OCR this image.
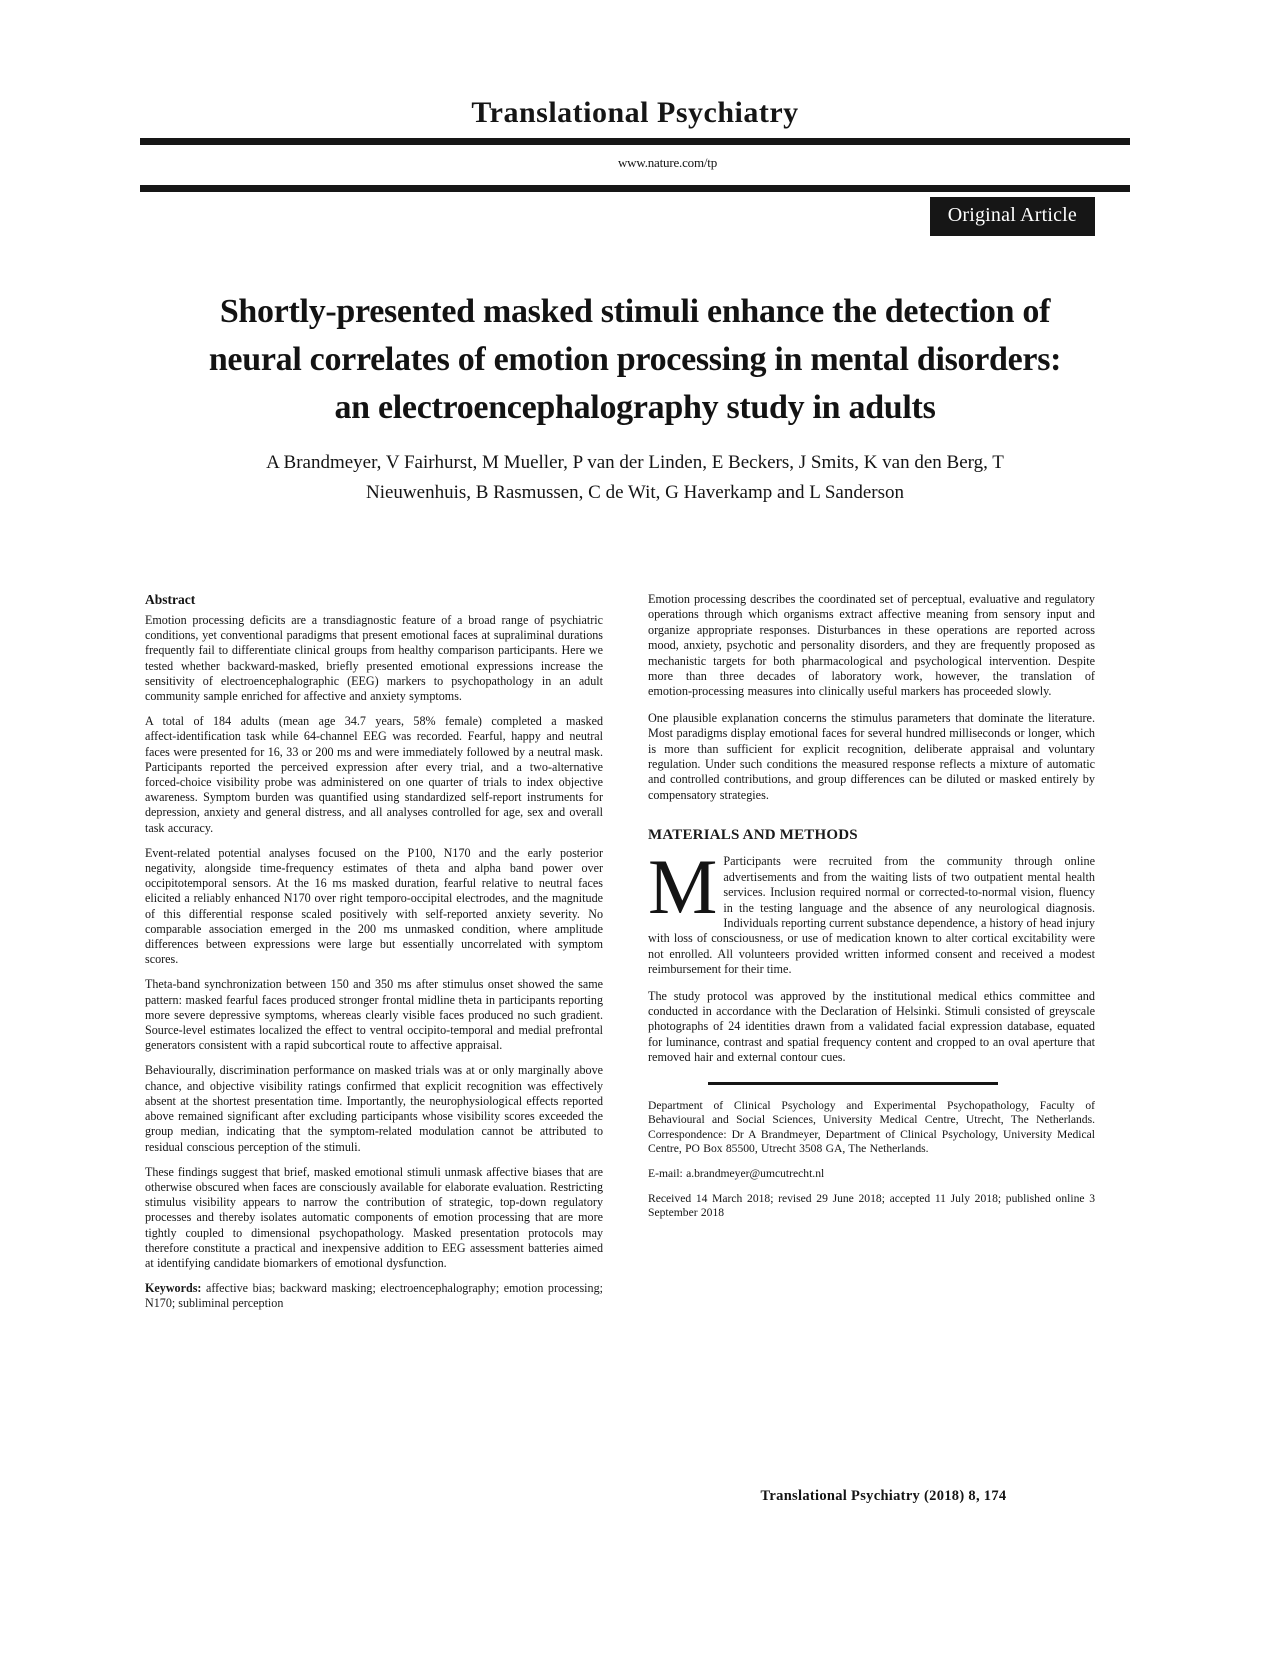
Translational Psychiatry
www.nature.com/tp
Original Article
Shortly‑presented masked stimuli enhance the detection of neural correlates of emotion processing in mental disorders: an electroencephalography study in adults
A Brandmeyer, V Fairhurst, M Mueller, P van der Linden, E Beckers, J Smits, K van den Berg, T Nieuwenhuis, B Rasmussen, C de Wit, G Haverkamp and L Sanderson
Abstract

Emotion processing deficits are a transdiagnostic feature of a broad range of psychiatric conditions, yet conventional paradigms that present emotional faces at supraliminal durations frequently fail to differentiate clinical groups from healthy comparison participants. Here we tested whether backward‑masked, briefly presented emotional expressions increase the sensitivity of electroencephalographic (EEG) markers to psychopathology in an adult community sample enriched for affective and anxiety symptoms.

A total of 184 adults (mean age 34.7 years, 58% female) completed a masked affect‑identification task while 64‑channel EEG was recorded. Fearful, happy and neutral faces were presented for 16, 33 or 200 ms and were immediately followed by a neutral mask. Participants reported the perceived expression after every trial, and a two‑alternative forced‑choice visibility probe was administered on one quarter of trials to index objective awareness. Symptom burden was quantified using standardized self‑report instruments for depression, anxiety and general distress, and all analyses controlled for age, sex and overall task accuracy.

Event‑related potential analyses focused on the P100, N170 and the early posterior negativity, alongside time‑frequency estimates of theta and alpha band power over occipitotemporal sensors. At the 16 ms masked duration, fearful relative to neutral faces elicited a reliably enhanced N170 over right temporo‑occipital electrodes, and the magnitude of this differential response scaled positively with self‑reported anxiety severity. No comparable association emerged in the 200 ms unmasked condition, where amplitude differences between expressions were large but essentially uncorrelated with symptom scores.

Theta‑band synchronization between 150 and 350 ms after stimulus onset showed the same pattern: masked fearful faces produced stronger frontal midline theta in participants reporting more severe depressive symptoms, whereas clearly visible faces produced no such gradient. Source‑level estimates localized the effect to ventral occipito‑temporal and medial prefrontal generators consistent with a rapid subcortical route to affective appraisal.

Behaviourally, discrimination performance on masked trials was at or only marginally above chance, and objective visibility ratings confirmed that explicit recognition was effectively absent at the shortest presentation time. Importantly, the neurophysiological effects reported above remained significant after excluding participants whose visibility scores exceeded the group median, indicating that the symptom‑related modulation cannot be attributed to residual conscious perception of the stimuli.

These findings suggest that brief, masked emotional stimuli unmask affective biases that are otherwise obscured when faces are consciously available for elaborate evaluation. Restricting stimulus visibility appears to narrow the contribution of strategic, top‑down regulatory processes and thereby isolates automatic components of emotion processing that are more tightly coupled to dimensional psychopathology. Masked presentation protocols may therefore constitute a practical and inexpensive addition to EEG assessment batteries aimed at identifying candidate biomarkers of emotional dysfunction.

Keywords: affective bias; backward masking; electroencephalography; emotion processing; N170; subliminal perception

Emotion processing describes the coordinated set of perceptual, evaluative and regulatory operations through which organisms extract affective meaning from sensory input and organize appropriate responses. Disturbances in these operations are reported across mood, anxiety, psychotic and personality disorders, and they are frequently proposed as mechanistic targets for both pharmacological and psychological intervention. Despite more than three decades of laboratory work, however, the translation of emotion‑processing measures into clinically useful markers has proceeded slowly.

One plausible explanation concerns the stimulus parameters that dominate the literature. Most paradigms display emotional faces for several hundred milliseconds or longer, which is more than sufficient for explicit recognition, deliberate appraisal and voluntary regulation. Under such conditions the measured response reflects a mixture of automatic and controlled contributions, and group differences can be diluted or masked entirely by compensatory strategies.

MATERIALS AND METHODS

M Participants were recruited from the community through online advertisements and from the waiting lists of two outpatient mental health services. Inclusion required normal or corrected‑to‑normal vision, fluency in the testing language and the absence of any neurological diagnosis. Individuals reporting current substance dependence, a history of head injury with loss of consciousness, or use of medication known to alter cortical excitability were not enrolled. All volunteers provided written informed consent and received a modest reimbursement for their time.

The study protocol was approved by the institutional medical ethics committee and conducted in accordance with the Declaration of Helsinki. Stimuli consisted of greyscale photographs of 24 identities drawn from a validated facial expression database, equated for luminance, contrast and spatial frequency content and cropped to an oval aperture that removed hair and external contour cues.

Department of Clinical Psychology and Experimental Psychopathology, Faculty of Behavioural and Social Sciences, University Medical Centre, Utrecht, The Netherlands. Correspondence: Dr A Brandmeyer, Department of Clinical Psychology, University Medical Centre, PO Box 85500, Utrecht 3508 GA, The Netherlands.

E‑mail: a.brandmeyer@umcutrecht.nl

Received 14 March 2018; revised 29 June 2018; accepted 11 July 2018; published online 3 September 2018

Translational Psychiatry (2018) 8, 174
